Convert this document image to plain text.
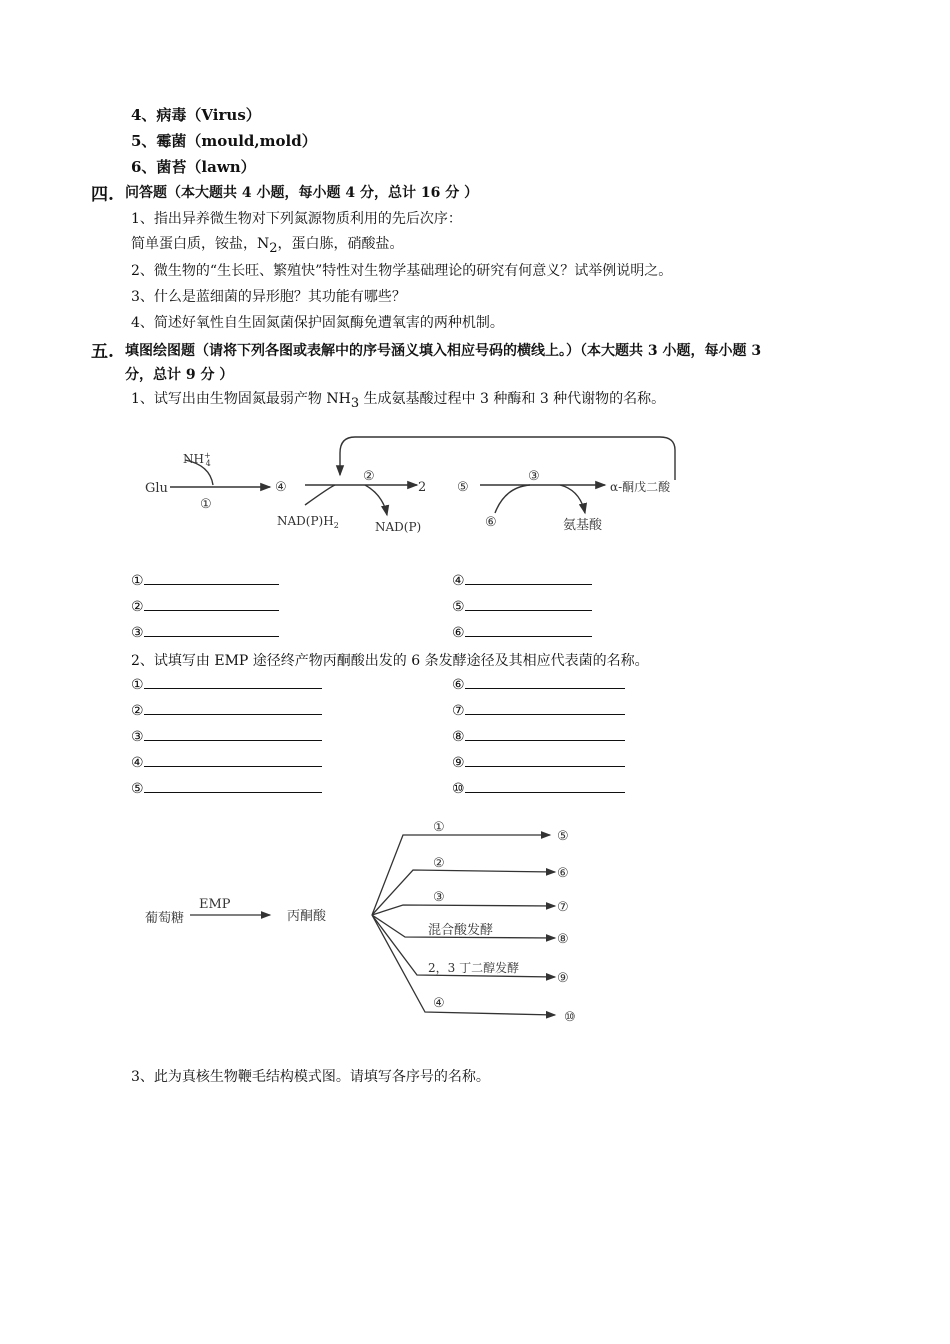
4、病毒（Virus）
5、霉菌（mould,mold）
6、菌苔（lawn）
四. 问答题（本大题共 4 小题，每小题 4 分，总计 16 分 ）
1、指出异养微生物对下列氮源物质利用的先后次序：
简单蛋白质，铵盐，$N_2$，蛋白胨，硝酸盐。
2、微生物的“生长旺、繁殖快”特性对生物学基础理论的研究有何意义？试举例说明之。
3、什么是蓝细菌的异形胞？其功能有哪些？
4、简述好氧性自生固氮菌保护固氮酶免遭氧害的两种机制。
五. 填图绘图题（请将下列各图或表解中的序号涵义填入相应号码的横线上。）（本大题共 3 小题，每小题 3
分，总计 9 分 ）
1、试写出由生物固氮最弱产物 $NH_3$ 生成氨基酸过程中 3 种酶和 3 种代谢物的名称。
Glu
NH+ 4
①
④
②
2
$NAD(P)H_2$	NAD(P)
⑤
③
α-酮戊二酸
⑥	氨基酸
①
②
③
④
⑤
⑥
2、试填写由 EMP 途径终产物丙酮酸出发的 6 条发酵途径及其相应代表菌的名称。
①
②
③
④
⑤
⑥
⑦
⑧
⑨
⑩
葡萄糖
EMP
丙酮酸
①
②
③
混合酸发酵
2，3 丁二醇发酵
④
⑤
⑥
⑦
⑧
⑨
⑩
3、此为真核生物鞭毛结构模式图。请填写各序号的名称。
